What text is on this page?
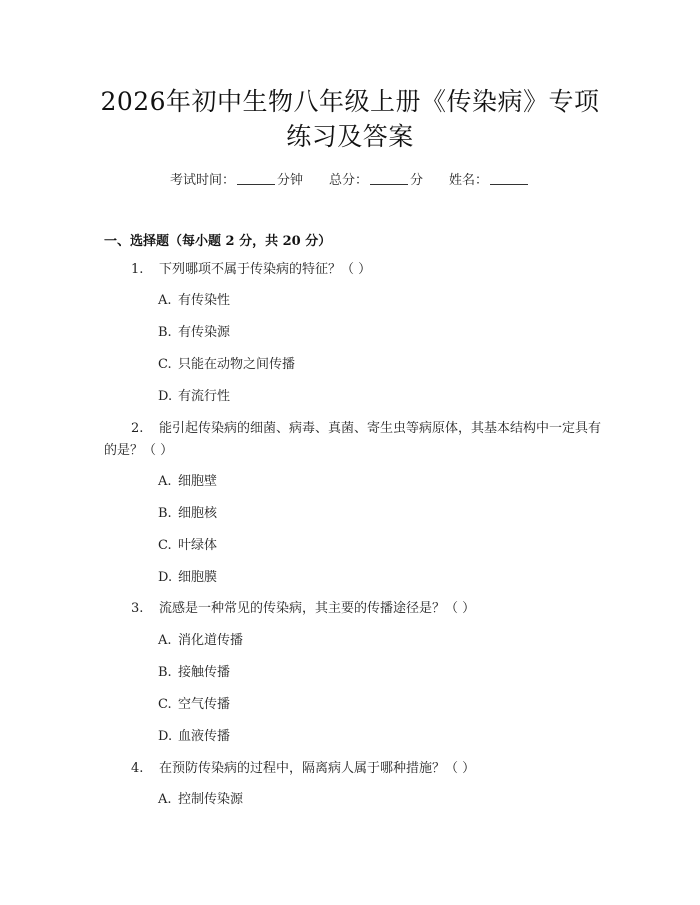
2026年初中生物八年级上册《传染病》专项
练习及答案
考试时间：	分钟 总分：	分 姓名：
一、选择题（每小题 2 分，共 20 分）
1. 下列哪项不属于传染病的特征？（ ）
A. 有传染性
B. 有传染源
C. 只能在动物之间传播
D. 有流行性
2. 能引起传染病的细菌、病毒、真菌、寄生虫等病原体，其基本结构中一定具有的是？（ ）
A. 细胞壁
B. 细胞核
C. 叶绿体
D. 细胞膜
3. 流感是一种常见的传染病，其主要的传播途径是？（ ）
A. 消化道传播
B. 接触传播
C. 空气传播
D. 血液传播
4. 在预防传染病的过程中，隔离病人属于哪种措施？（ ）
A. 控制传染源
